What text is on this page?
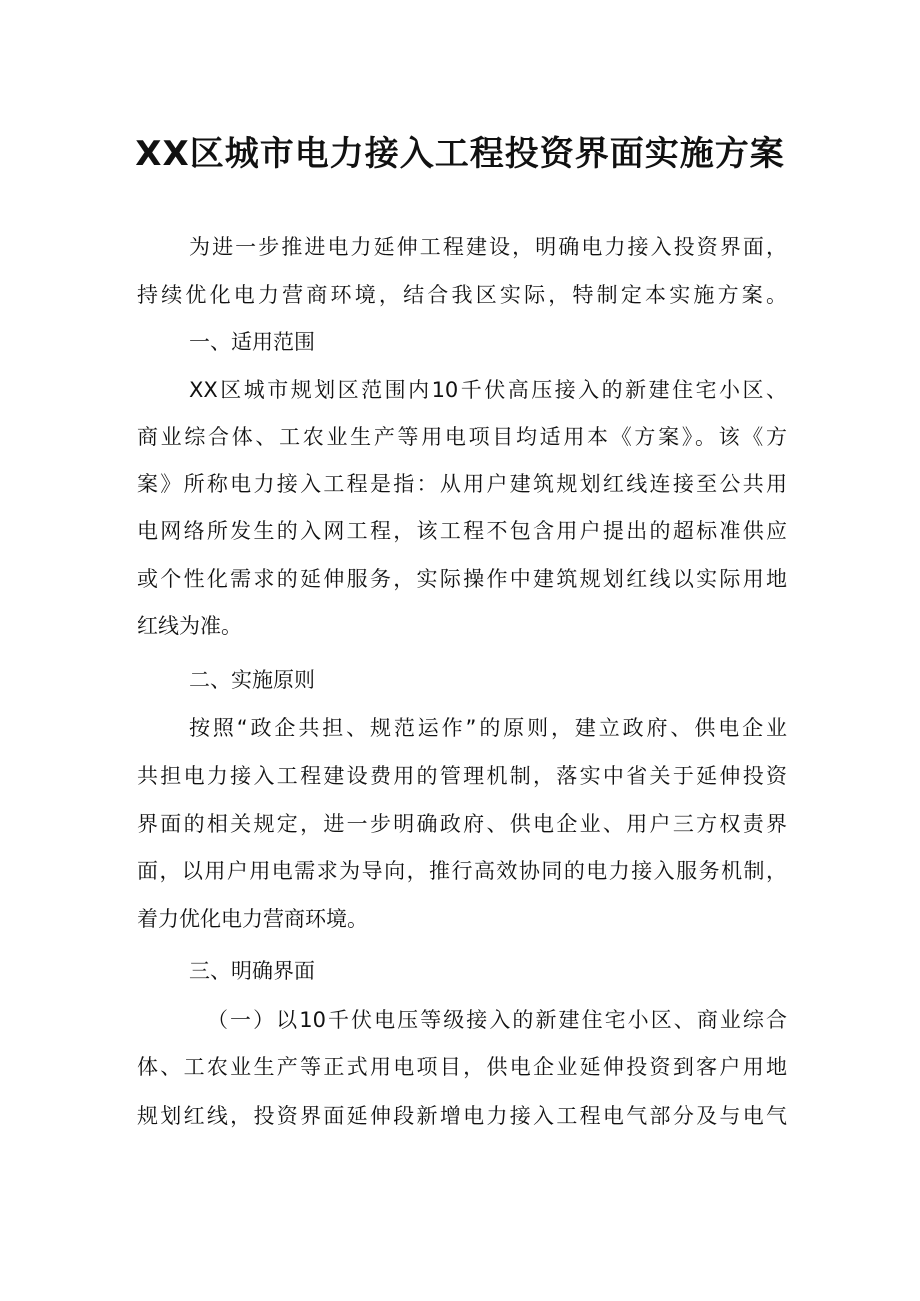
XX区城市电力接入工程投资界面实施方案

为进一步推进电力延伸工程建设，明确电力接入投资界面，

持续优化电力营商环境，结合我区实际，特制定本实施方案。

一、适用范围

XX区城市规划区范围内10千伏高压接入的新建住宅小区、

商业综合体、工农业生产等用电项目均适用本《方案》。该《方

案》所称电力接入工程是指：从用户建筑规划红线连接至公共用

电网络所发生的入网工程，该工程不包含用户提出的超标准供应

或个性化需求的延伸服务，实际操作中建筑规划红线以实际用地

红线为准。

二、实施原则

按照“政企共担、规范运作”的原则，建立政府、供电企业

共担电力接入工程建设费用的管理机制，落实中省关于延伸投资

界面的相关规定，进一步明确政府、供电企业、用户三方权责界

面，以用户用电需求为导向，推行高效协同的电力接入服务机制，

着力优化电力营商环境。

三、明确界面

（一）以10千伏电压等级接入的新建住宅小区、商业综合

体、工农业生产等正式用电项目，供电企业延伸投资到客户用地

规划红线，投资界面延伸段新增电力接入工程电气部分及与电气
